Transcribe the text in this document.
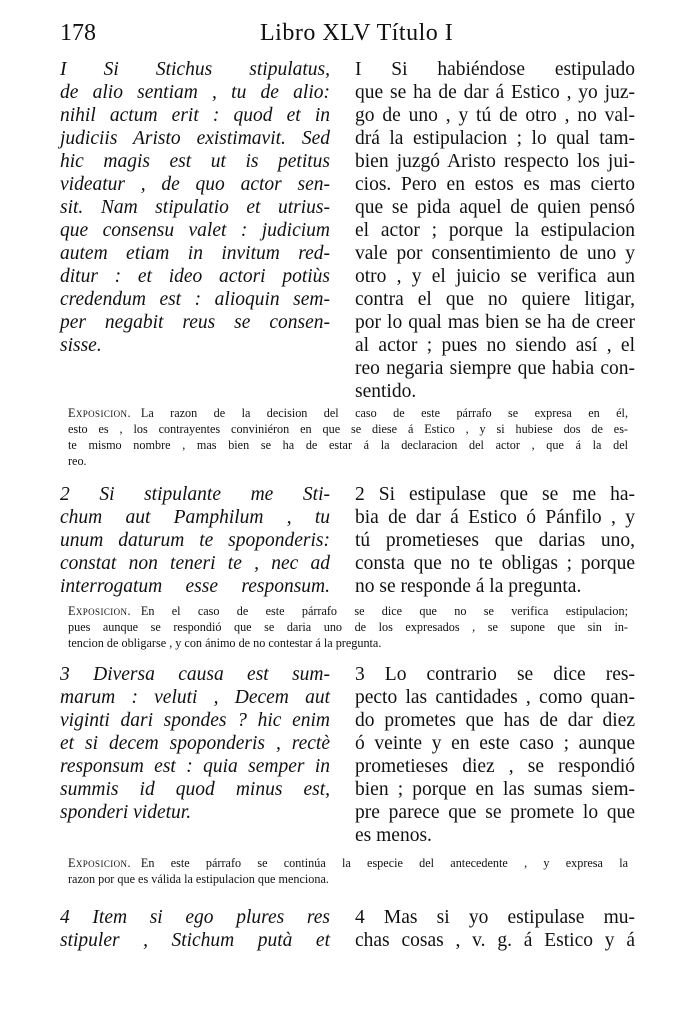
178	Libro XLV Título I
I Si Stichus stipulatus,
de alio sentiam , tu de alio:
nihil actum erit : quod et in
judiciis Aristo existimavit. Sed
hic magis est ut is petitus
videatur , de quo actor sen-
sit. Nam stipulatio et utrius-
que consensu valet : judicium
autem etiam in invitum red-
ditur : et ideo actori potiùs
credendum est : alioquin sem-
per negabit reus se consen-
sisse.
I Si habiéndose estipulado
que se ha de dar á Estico , yo juz-
go de uno , y tú de otro , no val-
drá la estipulacion ; lo qual tam-
bien juzgó Aristo respecto los jui-
cios. Pero en estos es mas cierto
que se pida aquel de quien pensó
el actor ; porque la estipulacion
vale por consentimiento de uno y
otro , y el juicio se verifica aun
contra el que no quiere litigar,
por lo qual mas bien se ha de creer
al actor ; pues no siendo así , el
reo negaria siempre que habia con-
sentido.
Exposicion. La razon de la decision del caso de este párrafo se expresa en él,
esto es , los contrayentes conviniéron en que se diese á Estico , y si hubiese dos de es-
te mismo nombre , mas bien se ha de estar á la declaracion del actor , que á la del
reo.
2 Si stipulante me Sti-
chum aut Pamphilum , tu
unum daturum te spoponderis:
constat non teneri te , nec ad
interrogatum esse responsum.
2 Si estipulase que se me ha-
bia de dar á Estico ó Pánfilo , y
tú prometieses que darias uno,
consta que no te obligas ; porque
no se responde á la pregunta.
Exposicion. En el caso de este párrafo se dice que no se verifica estipulacion;
pues aunque se respondió que se daria uno de los expresados , se supone que sin in-
tencion de obligarse , y con ánimo de no contestar á la pregunta.
3 Diversa causa est sum-
marum : veluti , Decem aut
viginti dari spondes ? hic enim
et si decem spoponderis , rectè
responsum est : quia semper in
summis id quod minus est,
sponderi videtur.
3 Lo contrario se dice res-
pecto las cantidades , como quan-
do prometes que has de dar diez
ó veinte y en este caso ; aunque
prometieses diez , se respondió
bien ; porque en las sumas siem-
pre parece que se promete lo que
es menos.
Exposicion. En este párrafo se continúa la especie del antecedente , y expresa la
razon por que es válida la estipulacion que menciona.
4 Item si ego plures res
stipuler , Stichum putà et
4 Mas si yo estipulase mu-
chas cosas , v. g. á Estico y á
